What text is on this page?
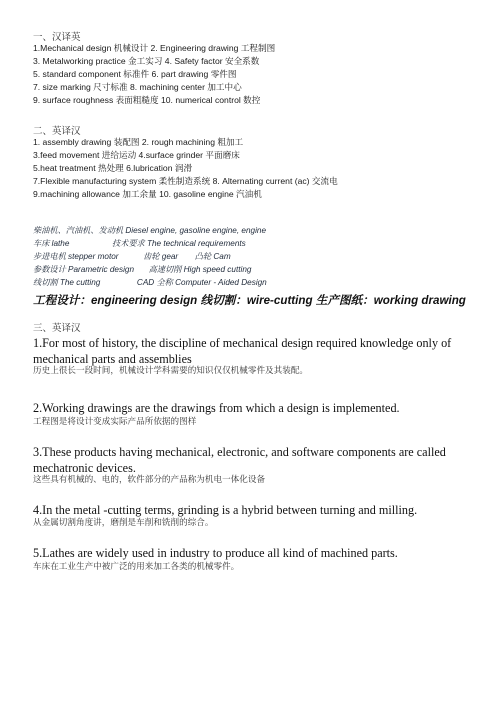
一、汉译英
1.Mechanical design 机械设计 2. Engineering drawing 工程制图
3. Metalworking practice 金工实习 4. Safety factor 安全系数
5. standard component 标准件 6. part drawing 零件图
7. size marking 尺寸标准 8. machining center 加工中心
9. surface roughness 表面粗糙度 10. numerical control 数控
二、英译汉
1. assembly drawing 装配图 2. rough machining 粗加工
3.feed movement 进给运动 4.surface grinder 平面磨床
5.heat treatment 热处理 6.lubrication 润滑
7.Flexible manufacturing system 柔性制造系统 8. Alternating current (ac) 交流电
9.machining allowance 加工余量 10. gasoline engine 汽油机
柴油机、汽油机、发动机 Diesel engine, gasoline engine, engine
车床 lathe	技术要求 The technical requirements
步进电机 stepper motor	齿轮 gear 凸轮 Cam
参数设计 Parametric design 高速切削 High speed cutting
线切割 The cutting	CAD 全称 Computer - Aided Design
工程设计：engineering design 线切割：wire-cutting 生产图纸：working drawing
三、英译汉
1.For most of history, the discipline of mechanical design required knowledge only of mechanical parts and assemblies
历史上很长一段时间，机械设计学科需要的知识仅仅机械零件及其装配。
2.Working drawings are the drawings from which a design is implemented.
工程图是将设计变成实际产品所依据的图样
3.These products having mechanical, electronic, and software components are called mechatronic devices.
这些具有机械的、电的，软件部分的产品称为机电一体化设备
4.In the metal -cutting terms, grinding is a hybrid between turning and milling.
从金属切割角度讲，磨削是车削和铣削的综合。
5.Lathes are widely used in industry to produce all kind of machined parts.
车床在工业生产中被广泛的用来加工各类的机械零件。
